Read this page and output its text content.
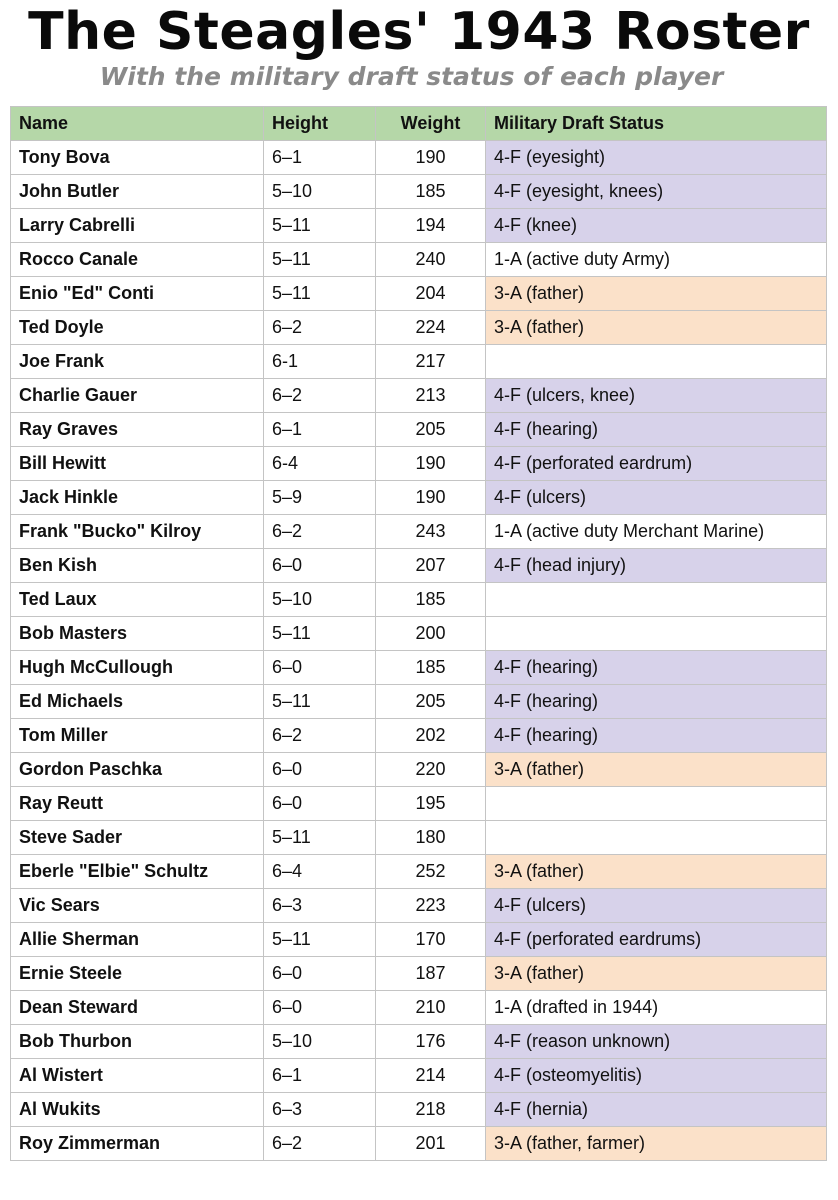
The Steagles' 1943 Roster
With the military draft status of each player
Name	Height	Weight	Military Draft Status
Tony Bova	6–1	190	4-F (eyesight)
John Butler	5–10	185	4-F (eyesight, knees)
Larry Cabrelli	5–11	194	4-F (knee)
Rocco Canale	5–11	240	1-A (active duty Army)
Enio "Ed" Conti	5–11	204	3-A (father)
Ted Doyle	6–2	224	3-A (father)
Joe Frank	6-1	217	
Charlie Gauer	6–2	213	4-F (ulcers, knee)
Ray Graves	6–1	205	4-F (hearing)
Bill Hewitt	6-4	190	4-F (perforated eardrum)
Jack Hinkle	5–9	190	4-F (ulcers)
Frank "Bucko" Kilroy	6–2	243	1-A (active duty Merchant Marine)
Ben Kish	6–0	207	4-F (head injury)
Ted Laux	5–10	185	
Bob Masters	5–11	200	
Hugh McCullough	6–0	185	4-F (hearing)
Ed Michaels	5–11	205	4-F (hearing)
Tom Miller	6–2	202	4-F (hearing)
Gordon Paschka	6–0	220	3-A (father)
Ray Reutt	6–0	195	
Steve Sader	5–11	180	
Eberle "Elbie" Schultz	6–4	252	3-A (father)
Vic Sears	6–3	223	4-F (ulcers)
Allie Sherman	5–11	170	4-F (perforated eardrums)
Ernie Steele	6–0	187	3-A (father)
Dean Steward	6–0	210	1-A (drafted in 1944)
Bob Thurbon	5–10	176	4-F (reason unknown)
Al Wistert	6–1	214	4-F (osteomyelitis)
Al Wukits	6–3	218	4-F (hernia)
Roy Zimmerman	6–2	201	3-A (father, farmer)
